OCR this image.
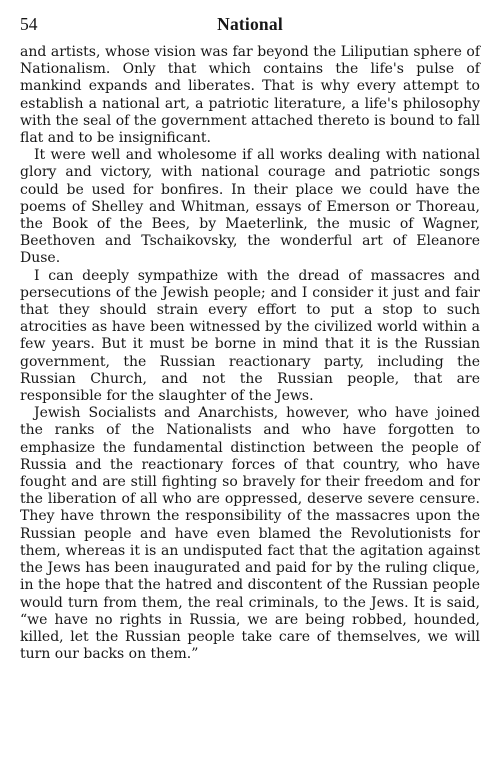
54	National

and artists, whose vision was far beyond the Liliputian sphere of Nationalism. Only that which contains the life's pulse of mankind expands and liberates. That is why every attempt to establish a national art, a patriotic literature, a life's philosophy with the seal of the government attached thereto is bound to fall flat and to be insignificant.

It were well and wholesome if all works dealing with national glory and victory, with national courage and patriotic songs could be used for bonfires. In their place we could have the poems of Shelley and Whitman, essays of Emerson or Thoreau, the Book of the Bees, by Maeterlink, the music of Wagner, Beethoven and Tschaikovsky, the wonderful art of Eleanore Duse.

I can deeply sympathize with the dread of massacres and persecutions of the Jewish people; and I consider it just and fair that they should strain every effort to put a stop to such atrocities as have been witnessed by the civilized world within a few years. But it must be borne in mind that it is the Russian government, the Russian reactionary party, including the Russian Church, and not the Russian people, that are responsible for the slaughter of the Jews.

Jewish Socialists and Anarchists, however, who have joined the ranks of the Nationalists and who have forgotten to emphasize the fundamental distinction between the people of Russia and the reactionary forces of that country, who have fought and are still fighting so bravely for their freedom and for the liberation of all who are oppressed, deserve severe censure. They have thrown the responsibility of the massacres upon the Russian people and have even blamed the Revolutionists for them, whereas it is an undisputed fact that the agitation against the Jews has been inaugurated and paid for by the ruling clique, in the hope that the hatred and discontent of the Russian people would turn from them, the real criminals, to the Jews. It is said, “we have no rights in Russia, we are being robbed, hounded, killed, let the Russian people take care of themselves, we will turn our backs on them.”
